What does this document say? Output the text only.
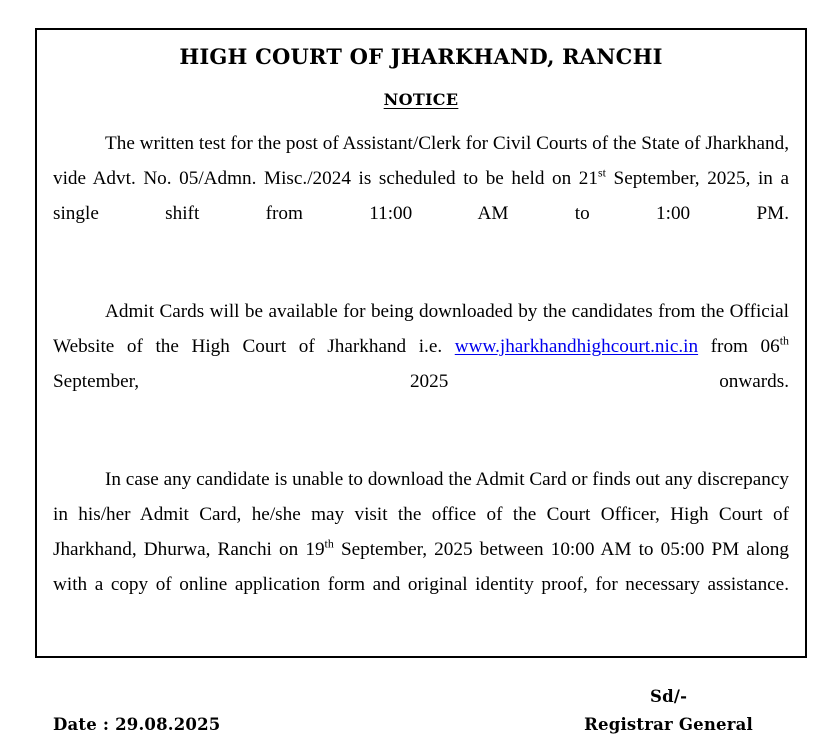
HIGH COURT OF JHARKHAND, RANCHI
NOTICE

The written test for the post of Assistant/Clerk for Civil Courts of the State of Jharkhand, vide Advt. No. 05/Admn. Misc./2024 is scheduled to be held on 21st September, 2025, in a single shift from 11:00 AM to 1:00 PM.

Admit Cards will be available for being downloaded by the candidates from the Official Website of the High Court of Jharkhand i.e. www.jharkhandhighcourt.nic.in from 06th September, 2025 onwards.

In case any candidate is unable to download the Admit Card or finds out any discrepancy in his/her Admit Card, he/she may visit the office of the Court Officer, High Court of Jharkhand, Dhurwa, Ranchi on 19th September, 2025 between 10:00 AM to 05:00 PM along with a copy of online application form and original identity proof, for necessary assistance.

Sd/-
Registrar General
Date : 29.08.2025
